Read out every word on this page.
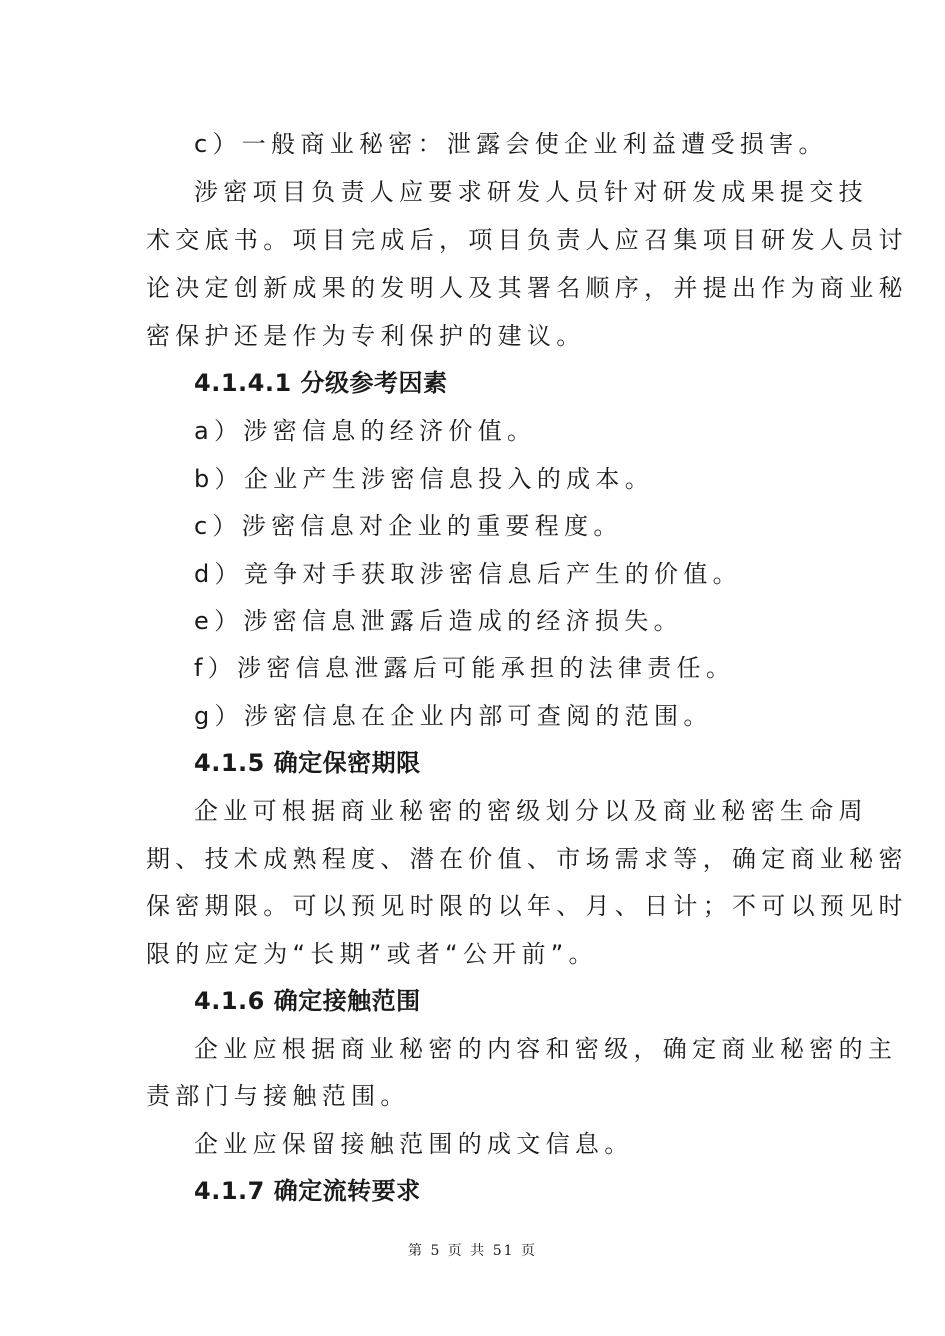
c）一般商业秘密：泄露会使企业利益遭受损害。
涉密项目负责人应要求研发人员针对研发成果提交技
术交底书。项目完成后，项目负责人应召集项目研发人员讨
论决定创新成果的发明人及其署名顺序，并提出作为商业秘
密保护还是作为专利保护的建议。
4.1.4.1 分级参考因素
a）涉密信息的经济价值。
b）企业产生涉密信息投入的成本。
c）涉密信息对企业的重要程度。
d）竞争对手获取涉密信息后产生的价值。
e）涉密信息泄露后造成的经济损失。
f）涉密信息泄露后可能承担的法律责任。
g）涉密信息在企业内部可查阅的范围。
4.1.5 确定保密期限
企业可根据商业秘密的密级划分以及商业秘密生命周
期、技术成熟程度、潜在价值、市场需求等，确定商业秘密
保密期限。可以预见时限的以年、月、日计；不可以预见时
限的应定为“长期”或者“公开前”。
4.1.6 确定接触范围
企业应根据商业秘密的内容和密级，确定商业秘密的主
责部门与接触范围。
企业应保留接触范围的成文信息。
4.1.7 确定流转要求
第 5 页 共 51 页
